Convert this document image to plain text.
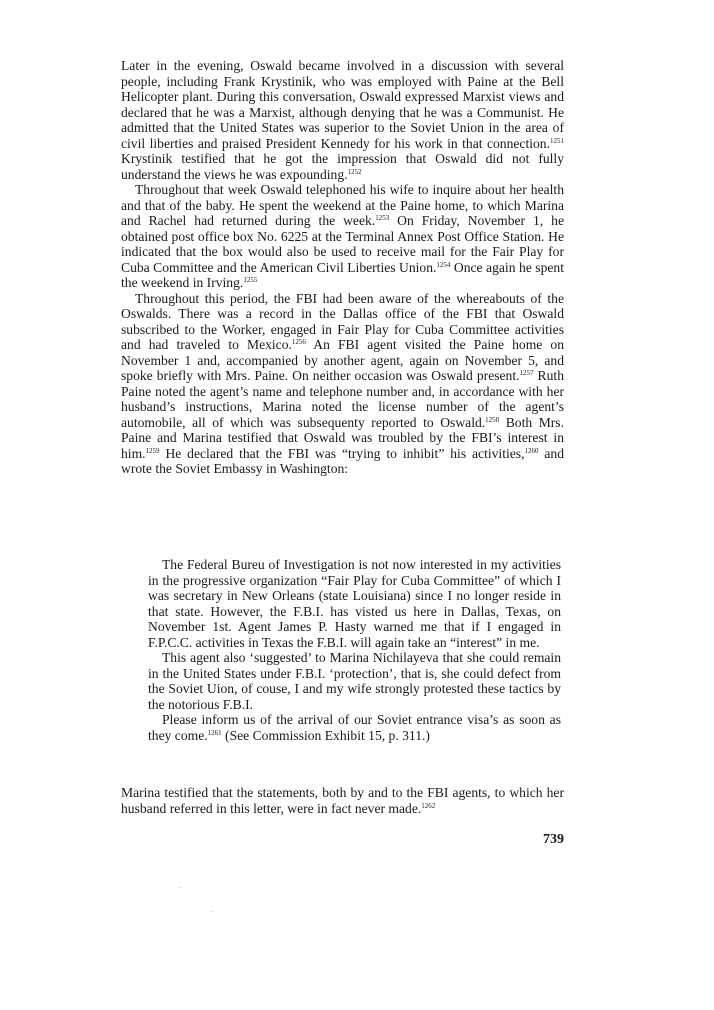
Later in the evening, Oswald became involved in a discussion with several people, including Frank Krystinik, who was employed with Paine at the Bell Helicopter plant. During this conversation, Oswald expressed Marxist views and declared that he was a Marxist, although denying that he was a Communist. He admitted that the United States was superior to the Soviet Union in the area of civil liberties and praised President Kennedy for his work in that connection.$^{1251}$ Krystinik testified that he got the impression that Oswald did not fully understand the views he was expounding.$^{1252}$

Throughout that week Oswald telephoned his wife to inquire about her health and that of the baby. He spent the weekend at the Paine home, to which Marina and Rachel had returned during the week.$^{1253}$ On Friday, November 1, he obtained post office box No. 6225 at the Terminal Annex Post Office Station. He indicated that the box would also be used to receive mail for the Fair Play for Cuba Committee and the American Civil Liberties Union.$^{1254}$ Once again he spent the weekend in Irving.$^{1255}$

Throughout this period, the FBI had been aware of the whereabouts of the Oswalds. There was a record in the Dallas office of the FBI that Oswald subscribed to the Worker, engaged in Fair Play for Cuba Committee activities and had traveled to Mexico.$^{1256}$ An FBI agent visited the Paine home on November 1 and, accompanied by another agent, again on November 5, and spoke briefly with Mrs. Paine. On neither occasion was Oswald present.$^{1257}$ Ruth Paine noted the agent’s name and telephone number and, in accordance with her husband’s instructions, Marina noted the license number of the agent’s automobile, all of which was subsequenty reported to Oswald.$^{1258}$ Both Mrs. Paine and Marina testified that Oswald was troubled by the FBI’s interest in him.$^{1259}$ He declared that the FBI was “trying to inhibit” his activities,$^{1260}$ and wrote the Soviet Embassy in Washington:

The Federal Bureu of Investigation is not now interested in my activities in the progressive organization “Fair Play for Cuba Committee” of which I was secretary in New Orleans (state Louisiana) since I no longer reside in that state. However, the F.B.I. has visted us here in Dallas, Texas, on November 1st. Agent James P. Hasty warned me that if I engaged in F.P.C.C. activities in Texas the F.B.I. will again take an “interest” in me.

This agent also ‘suggested’ to Marina Nichilayeva that she could remain in the United States under F.B.I. ‘protection’, that is, she could defect from the Soviet Uion, of couse, I and my wife strongly protested these tactics by the notorious F.B.I.

Please inform us of the arrival of our Soviet entrance visa’s as soon as they come.$^{1261}$ (See Commission Exhibit 15, p. 311.)

Marina testified that the statements, both by and to the FBI agents, to which her husband referred in this letter, were in fact never made.$^{1262}$

739
